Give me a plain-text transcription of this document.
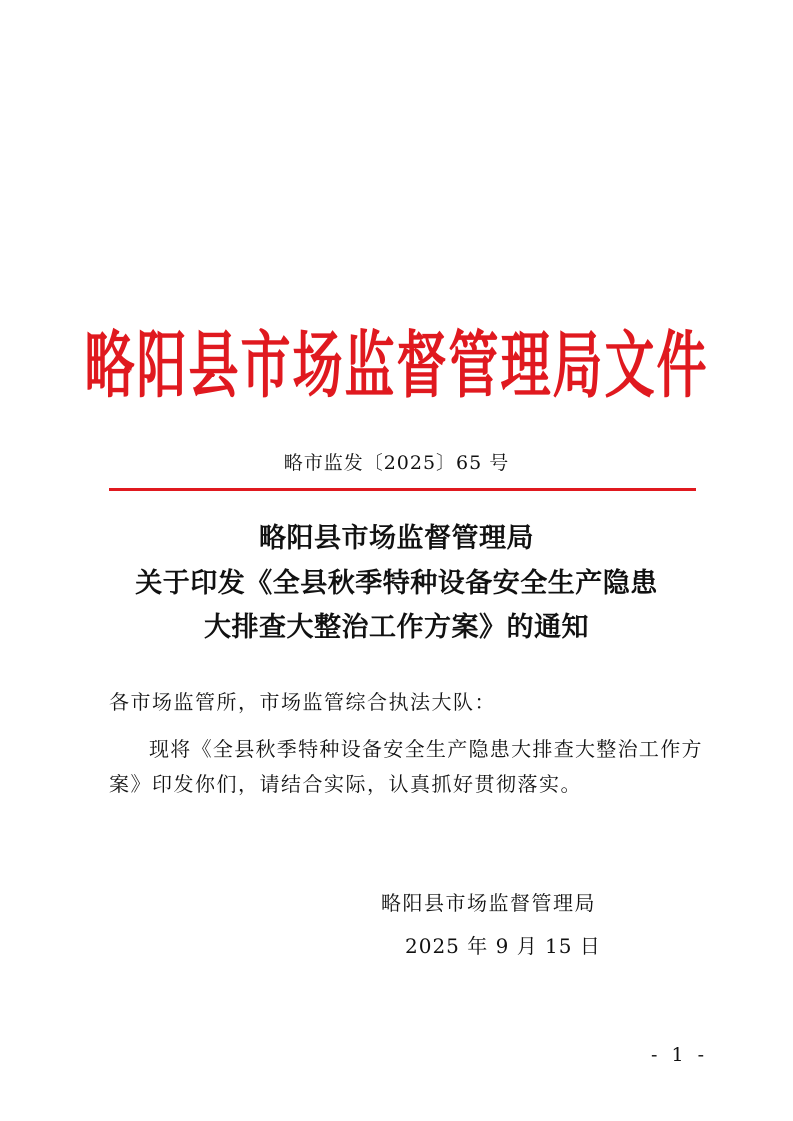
略阳县市场监督管理局文件
略市监发〔2025〕65 号
略阳县市场监督管理局
关于印发《全县秋季特种设备安全生产隐患
大排查大整治工作方案》的通知
各市场监管所，市场监管综合执法大队：
现将《全县秋季特种设备安全生产隐患大排查大整治工作方
案》印发你们，请结合实际，认真抓好贯彻落实。
略阳县市场监督管理局
2025 年 9 月 15 日
- 1 -
